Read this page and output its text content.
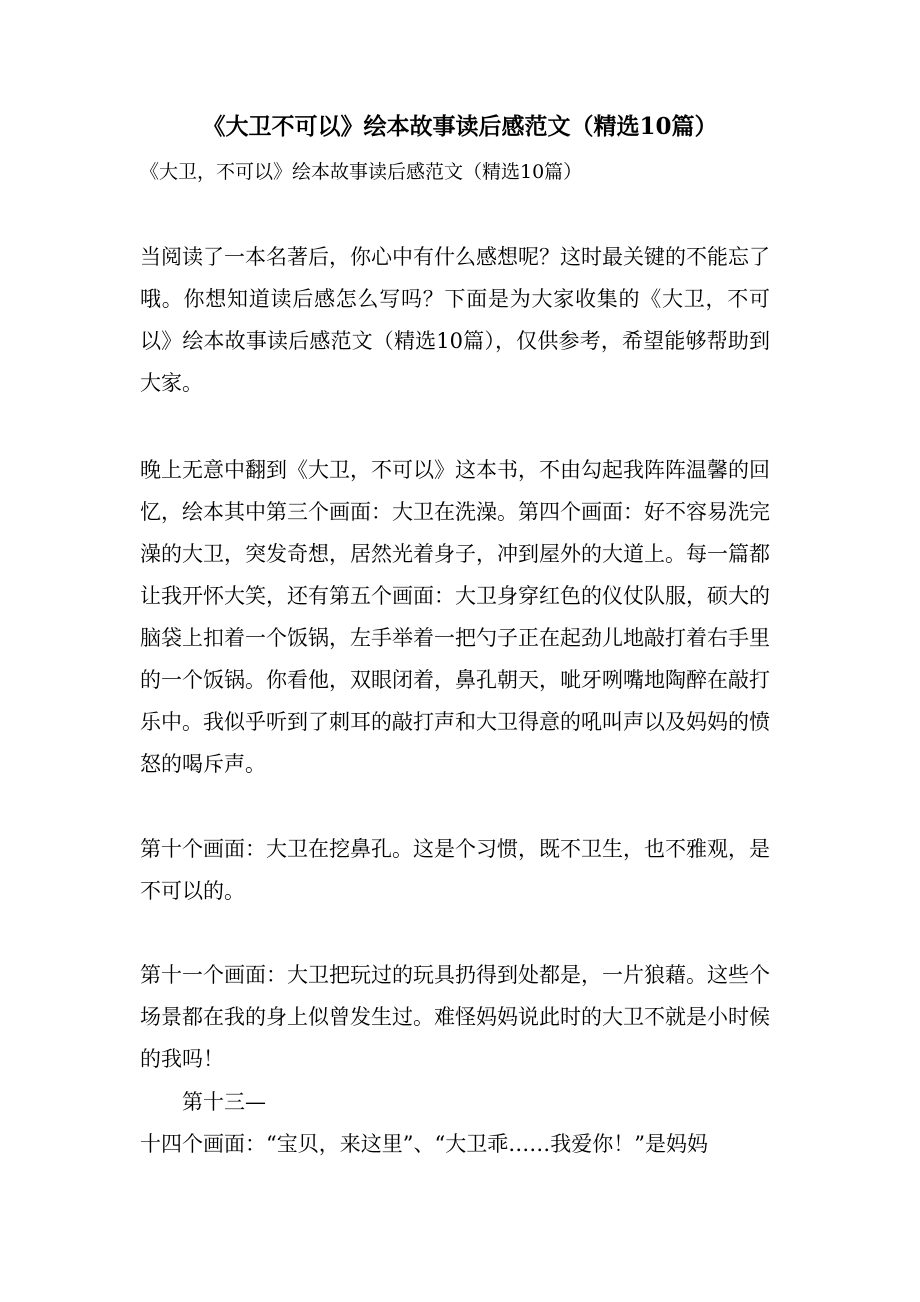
《大卫不可以》绘本故事读后感范文（精选10篇）

《大卫，不可以》绘本故事读后感范文（精选10篇）

当阅读了一本名著后，你心中有什么感想呢？这时最关键的不能忘了哦。你想知道读后感怎么写吗？下面是为大家收集的《大卫，不可以》绘本故事读后感范文（精选10篇），仅供参考，希望能够帮助到大家。

晚上无意中翻到《大卫，不可以》这本书，不由勾起我阵阵温馨的回忆，绘本其中第三个画面：大卫在洗澡。第四个画面：好不容易洗完澡的大卫，突发奇想，居然光着身子，冲到屋外的大道上。每一篇都让我开怀大笑，还有第五个画面：大卫身穿红色的仪仗队服，硕大的脑袋上扣着一个饭锅，左手举着一把勺子正在起劲儿地敲打着右手里的一个饭锅。你看他，双眼闭着，鼻孔朝天，呲牙咧嘴地陶醉在敲打乐中。我似乎听到了刺耳的敲打声和大卫得意的吼叫声以及妈妈的愤怒的喝斥声。

第十个画面：大卫在挖鼻孔。这是个习惯，既不卫生，也不雅观，是不可以的。

第十一个画面：大卫把玩过的玩具扔得到处都是，一片狼藉。这些个场景都在我的身上似曾发生过。难怪妈妈说此时的大卫不就是小时候的我吗！

第十三—

十四个画面：“宝贝，来这里”、“大卫乖……我爱你！”是妈妈
